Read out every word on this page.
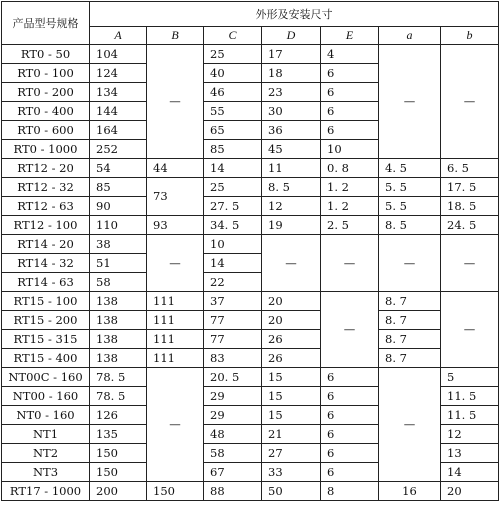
产品型号规格	外形及安装尺寸						
	A	B	C	D	E	a	b
RT0 - 50	104	—	25	17	4	—	—
RT0 - 100	124		40	18	6		
RT0 - 200	134		46	23	6		
RT0 - 400	144		55	30	6		
RT0 - 600	164		65	36	6		
RT0 - 1000	252		85	45	10		
RT12 - 20	54	44	14	11	0. 8	4. 5	6. 5
RT12 - 32	85	73	25	8. 5	1. 2	5. 5	17. 5
RT12 - 63	90		27. 5	12	1. 2	5. 5	18. 5
RT12 - 100	110	93	34. 5	19	2. 5	8. 5	24. 5
RT14 - 20	38	—	10	—	—	—	—
RT14 - 32	51		14				
RT14 - 63	58		22				
RT15 - 100	138	111	37	20	—	8. 7	—
RT15 - 200	138	111	77	20		8. 7	
RT15 - 315	138	111	77	26		8. 7	
RT15 - 400	138	111	83	26		8. 7	
NT00C - 160	78. 5	—	20. 5	15	6	—	5
NT00 - 160	78. 5		29	15	6		11. 5
NT0 - 160	126		29	15	6		11. 5
NT1	135		48	21	6		12
NT2	150		58	27	6		13
NT3	150		67	33	6		14
RT17 - 1000	200	150	88	50	8	16	20
